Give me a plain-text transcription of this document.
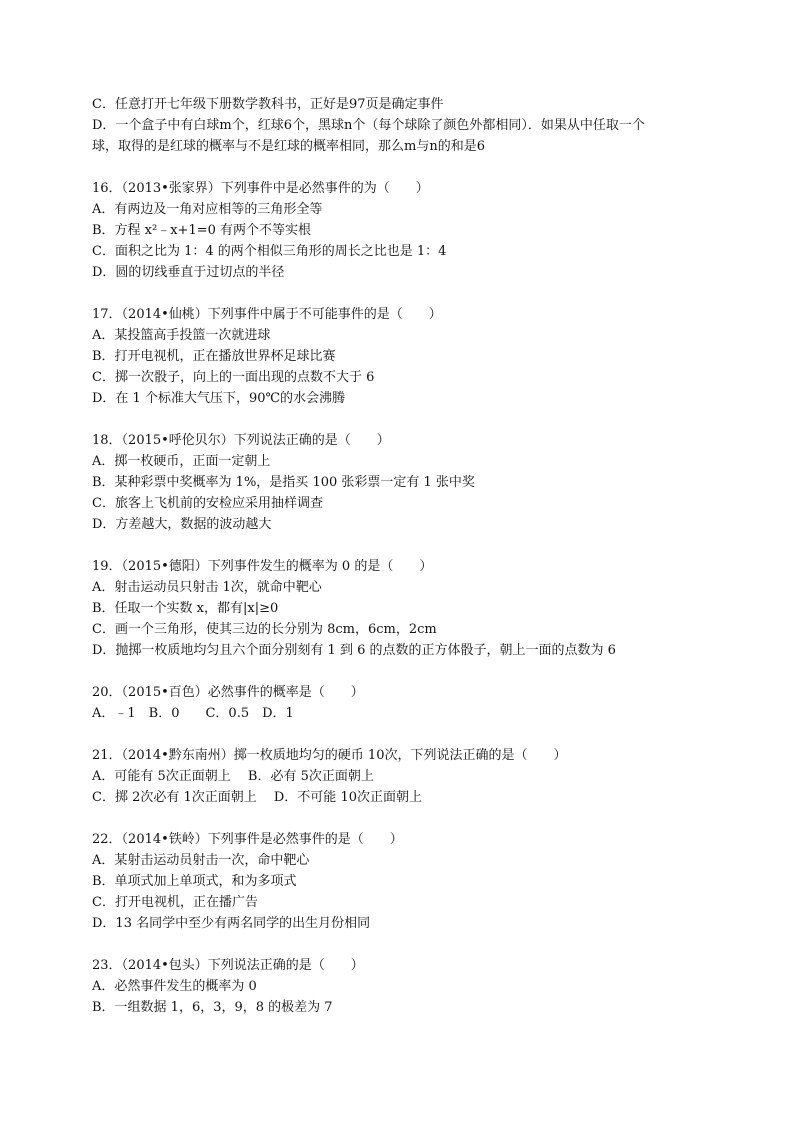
C．任意打开七年级下册数学教科书，正好是97页是确定事件
D．一个盒子中有白球m个，红球6个，黑球n个（每个球除了颜色外都相同）．如果从中任取一个
球，取得的是红球的概率与不是红球的概率相同，那么m与n的和是6
16．（2013•张家界）下列事件中是必然事件的为（　　）
A．有两边及一角对应相等的三角形全等
B．方程 x²﹣x+1=0 有两个不等实根
C．面积之比为 1：4 的两个相似三角形的周长之比也是 1：4
D．圆的切线垂直于过切点的半径
17．（2014•仙桃）下列事件中属于不可能事件的是（　　）
A．某投篮高手投篮一次就进球
B．打开电视机，正在播放世界杯足球比赛
C．掷一次骰子，向上的一面出现的点数不大于 6
D．在 1 个标准大气压下，90℃的水会沸腾
18．（2015•呼伦贝尔）下列说法正确的是（　　）
A．掷一枚硬币，正面一定朝上
B．某种彩票中奖概率为 1%，是指买 100 张彩票一定有 1 张中奖
C．旅客上飞机前的安检应采用抽样调查
D．方差越大，数据的波动越大
19．（2015•德阳）下列事件发生的概率为 0 的是（　　）
A．射击运动员只射击 1次，就命中靶心
B．任取一个实数 x，都有|x|≥0
C．画一个三角形，使其三边的长分别为 8cm，6cm，2cm
D．抛掷一枚质地均匀且六个面分别刻有 1 到 6 的点数的正方体骰子，朝上一面的点数为 6
20．（2015•百色）必然事件的概率是（　　）
A．﹣1　B．0　　C．0.5　D．1
21．（2014•黔东南州）掷一枚质地均匀的硬币 10次，下列说法正确的是（　　）
A．可能有 5次正面朝上　 B．必有 5次正面朝上
C．掷 2次必有 1次正面朝上　 D．不可能 10次正面朝上
22．（2014•铁岭）下列事件是必然事件的是（　　）
A．某射击运动员射击一次，命中靶心
B．单项式加上单项式，和为多项式
C．打开电视机，正在播广告
D．13 名同学中至少有两名同学的出生月份相同
23．（2014•包头）下列说法正确的是（　　）
A．必然事件发生的概率为 0
B．一组数据 1，6，3，9，8 的极差为 7
